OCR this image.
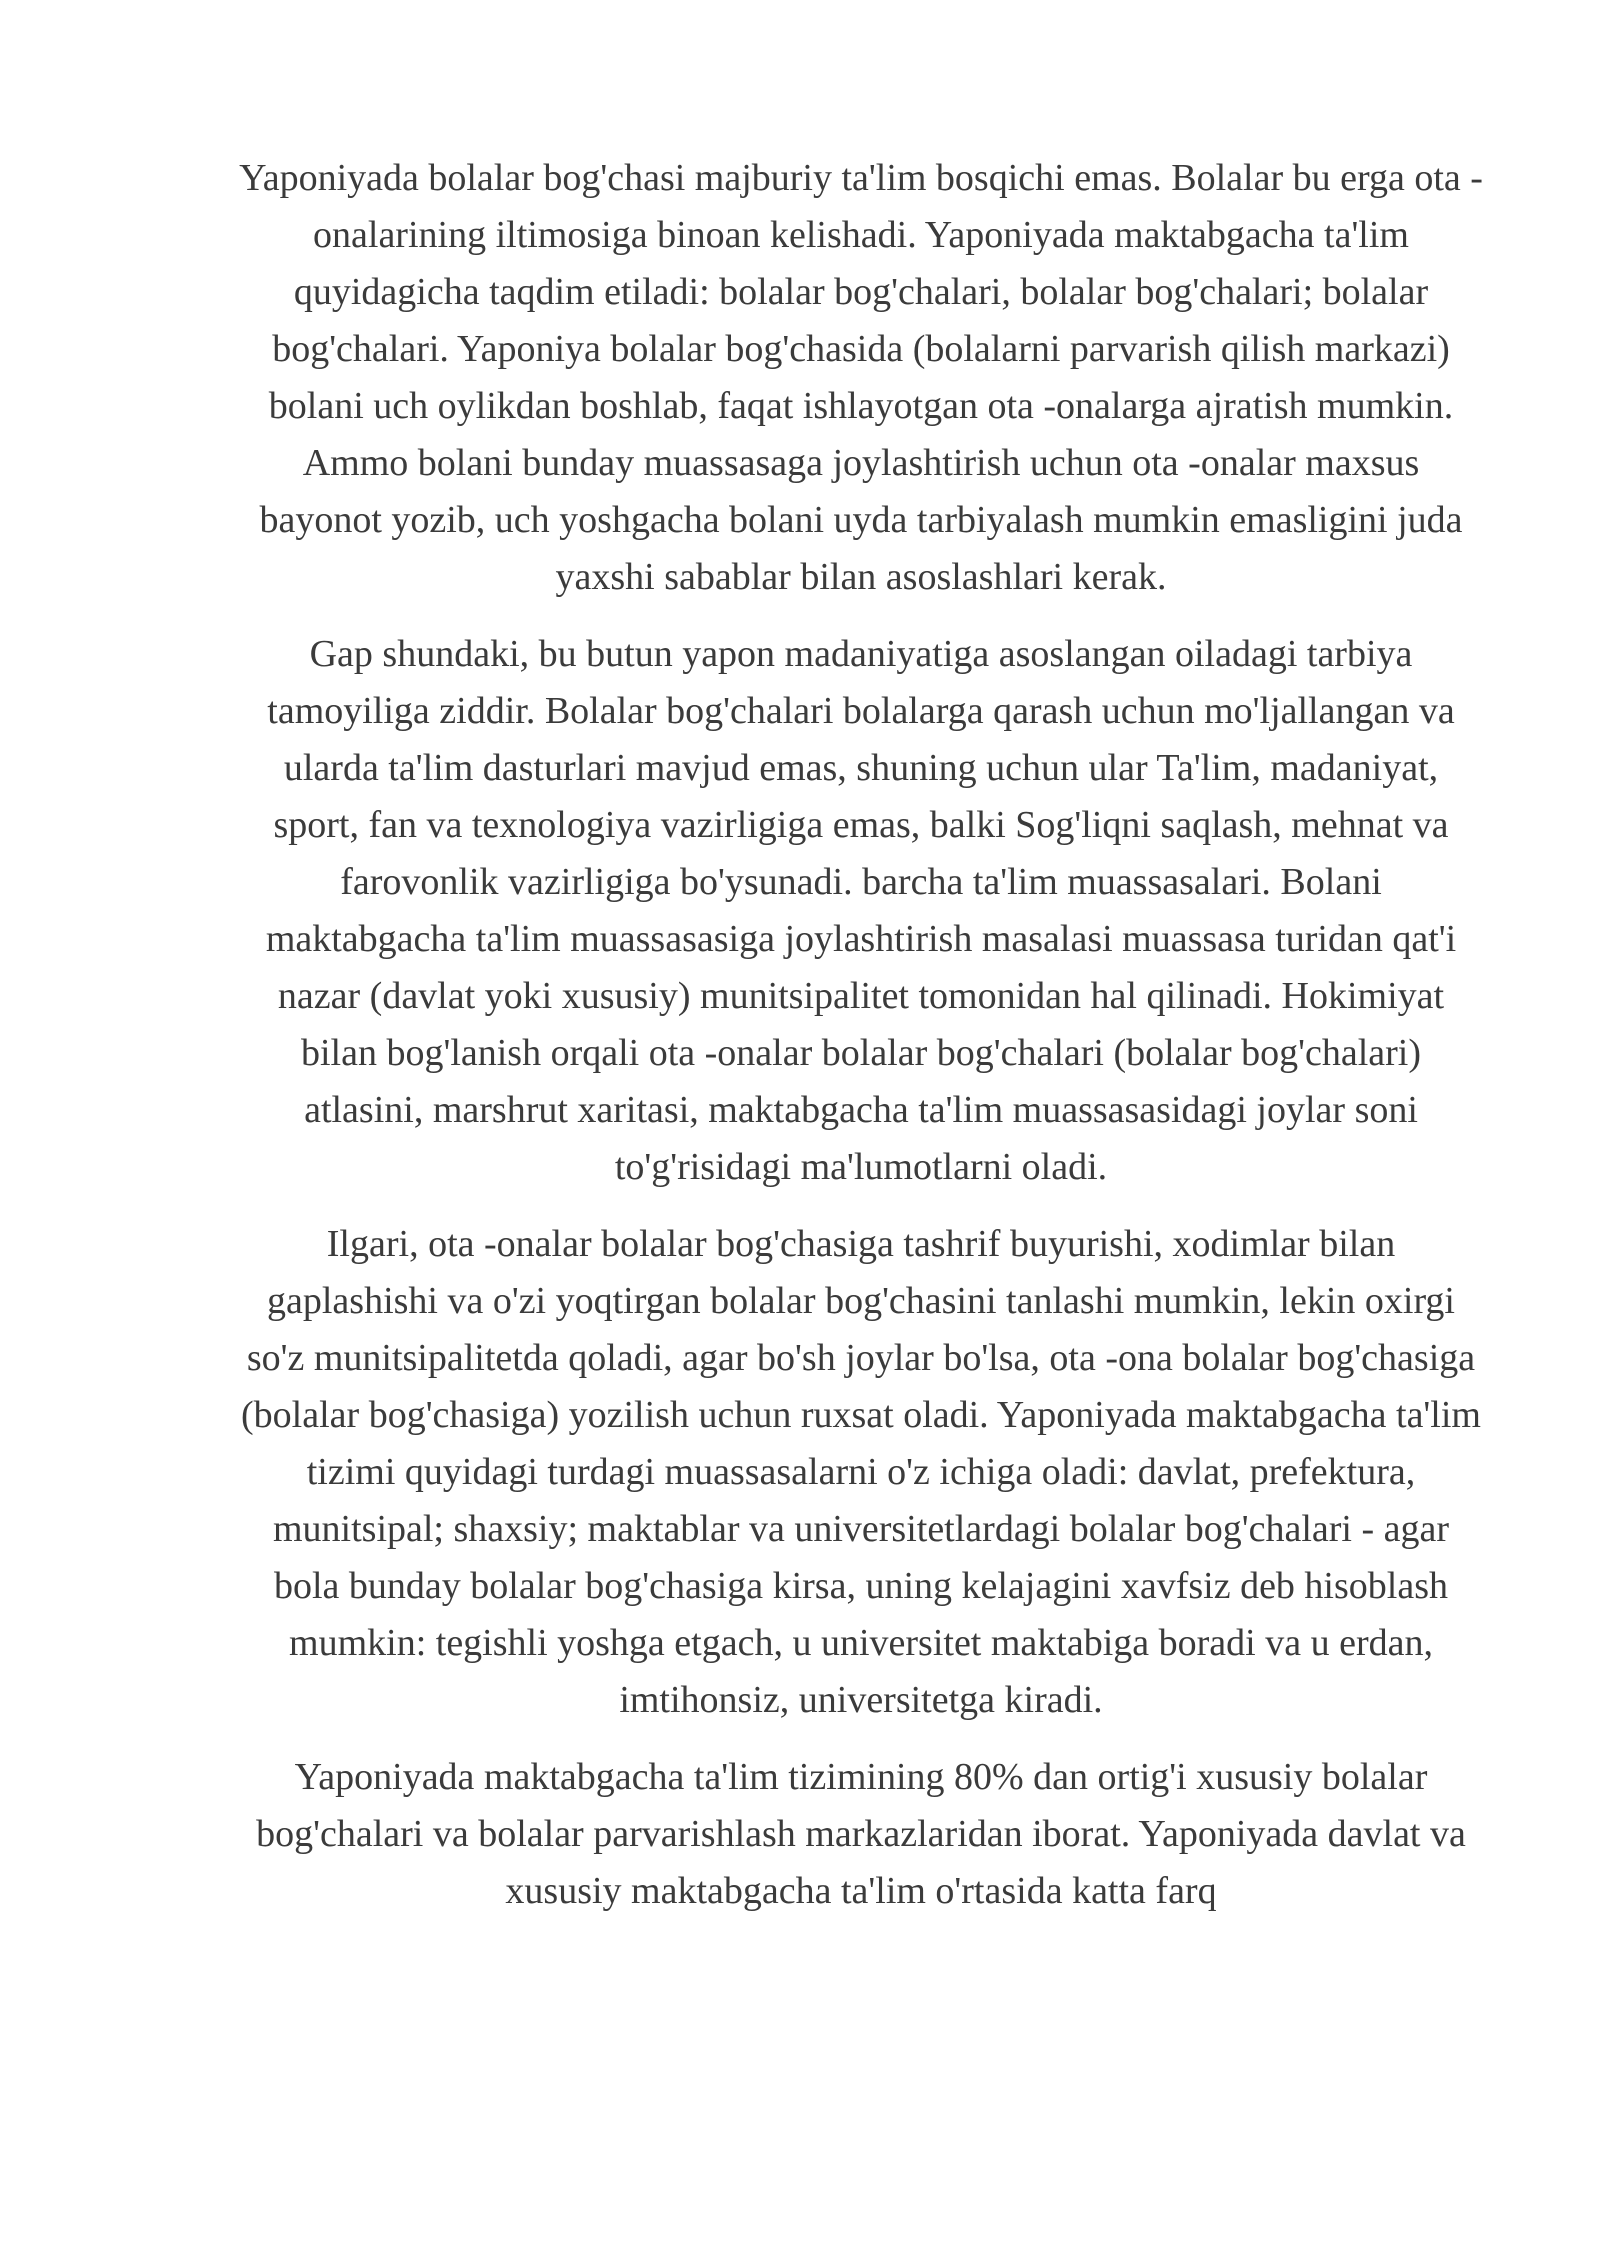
Yaponiyada bolalar bog'chasi majburiy ta'lim bosqichi emas. Bolalar bu erga ota -onalarining iltimosiga binoan kelishadi. Yaponiyada maktabgacha ta'lim quyidagicha taqdim etiladi: bolalar bog'chalari, bolalar bog'chalari; bolalar bog'chalari. Yaponiya bolalar bog'chasida (bolalarni parvarish qilish markazi) bolani uch oylikdan boshlab, faqat ishlayotgan ota -onalarga ajratish mumkin. Ammo bolani bunday muassasaga joylashtirish uchun ota -onalar maxsus bayonot yozib, uch yoshgacha bolani uyda tarbiyalash mumkin emasligini juda yaxshi sabablar bilan asoslashlari kerak.

Gap shundaki, bu butun yapon madaniyatiga asoslangan oiladagi tarbiya tamoyiliga ziddir. Bolalar bog'chalari bolalarga qarash uchun mo'ljallangan va ularda ta'lim dasturlari mavjud emas, shuning uchun ular Ta'lim, madaniyat, sport, fan va texnologiya vazirligiga emas, balki Sog'liqni saqlash, mehnat va farovonlik vazirligiga bo'ysunadi. barcha ta'lim muassasalari. Bolani maktabgacha ta'lim muassasasiga joylashtirish masalasi muassasa turidan qat'i nazar (davlat yoki xususiy) munitsipalitet tomonidan hal qilinadi. Hokimiyat bilan bog'lanish orqali ota -onalar bolalar bog'chalari (bolalar bog'chalari) atlasini, marshrut xaritasi, maktabgacha ta'lim muassasasidagi joylar soni to'g'risidagi ma'lumotlarni oladi.

Ilgari, ota -onalar bolalar bog'chasiga tashrif buyurishi, xodimlar bilan gaplashishi va o'zi yoqtirgan bolalar bog'chasini tanlashi mumkin, lekin oxirgi so'z munitsipalitetda qoladi, agar bo'sh joylar bo'lsa, ota -ona bolalar bog'chasiga (bolalar bog'chasiga) yozilish uchun ruxsat oladi. Yaponiyada maktabgacha ta'lim tizimi quyidagi turdagi muassasalarni o'z ichiga oladi: davlat, prefektura, munitsipal; shaxsiy; maktablar va universitetlardagi bolalar bog'chalari - agar bola bunday bolalar bog'chasiga kirsa, uning kelajagini xavfsiz deb hisoblash mumkin: tegishli yoshga etgach, u universitet maktabiga boradi va u erdan, imtihonsiz, universitetga kiradi.

Yaponiyada maktabgacha ta'lim tizimining 80% dan ortig'i xususiy bolalar bog'chalari va bolalar parvarishlash markazlaridan iborat. Yaponiyada davlat va xususiy maktabgacha ta'lim o'rtasida katta farq
